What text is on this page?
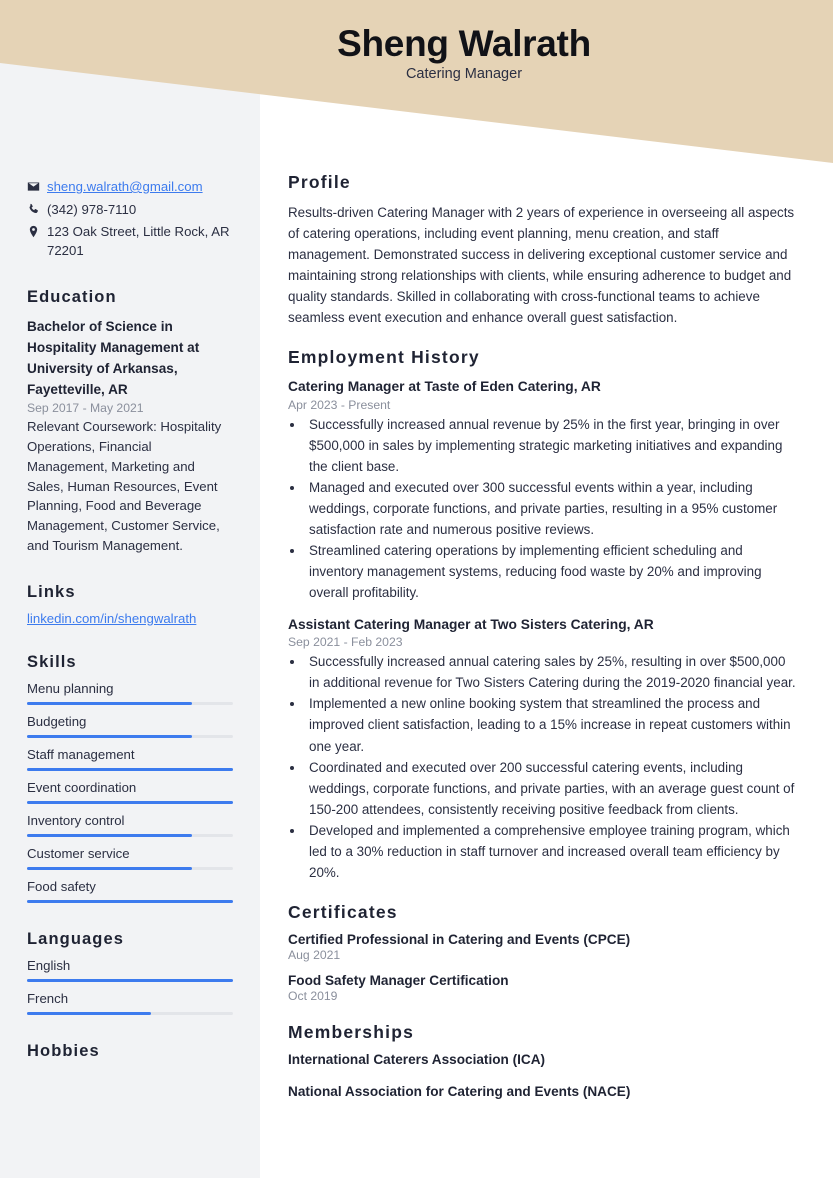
Sheng Walrath
Catering Manager
sheng.walrath@gmail.com
(342) 978-7110
123 Oak Street, Little Rock, AR 72201
Education
Bachelor of Science in Hospitality Management at University of Arkansas, Fayetteville, AR
Sep 2017 - May 2021
Relevant Coursework: Hospitality Operations, Financial Management, Marketing and Sales, Human Resources, Event Planning, Food and Beverage Management, Customer Service, and Tourism Management.
Links
linkedin.com/in/shengwalrath
Skills
Menu planning
Budgeting
Staff management
Event coordination
Inventory control
Customer service
Food safety
Languages
English
French
Hobbies
Profile
Results-driven Catering Manager with 2 years of experience in overseeing all aspects of catering operations, including event planning, menu creation, and staff management. Demonstrated success in delivering exceptional customer service and maintaining strong relationships with clients, while ensuring adherence to budget and quality standards. Skilled in collaborating with cross-functional teams to achieve seamless event execution and enhance overall guest satisfaction.
Employment History
Catering Manager at Taste of Eden Catering, AR
Apr 2023 - Present
• Successfully increased annual revenue by 25% in the first year, bringing in over $500,000 in sales by implementing strategic marketing initiatives and expanding the client base.
• Managed and executed over 300 successful events within a year, including weddings, corporate functions, and private parties, resulting in a 95% customer satisfaction rate and numerous positive reviews.
• Streamlined catering operations by implementing efficient scheduling and inventory management systems, reducing food waste by 20% and improving overall profitability.
Assistant Catering Manager at Two Sisters Catering, AR
Sep 2021 - Feb 2023
• Successfully increased annual catering sales by 25%, resulting in over $500,000 in additional revenue for Two Sisters Catering during the 2019-2020 financial year.
• Implemented a new online booking system that streamlined the process and improved client satisfaction, leading to a 15% increase in repeat customers within one year.
• Coordinated and executed over 200 successful catering events, including weddings, corporate functions, and private parties, with an average guest count of 150-200 attendees, consistently receiving positive feedback from clients.
• Developed and implemented a comprehensive employee training program, which led to a 30% reduction in staff turnover and increased overall team efficiency by 20%.
Certificates
Certified Professional in Catering and Events (CPCE)
Aug 2021
Food Safety Manager Certification
Oct 2019
Memberships
International Caterers Association (ICA)
National Association for Catering and Events (NACE)
